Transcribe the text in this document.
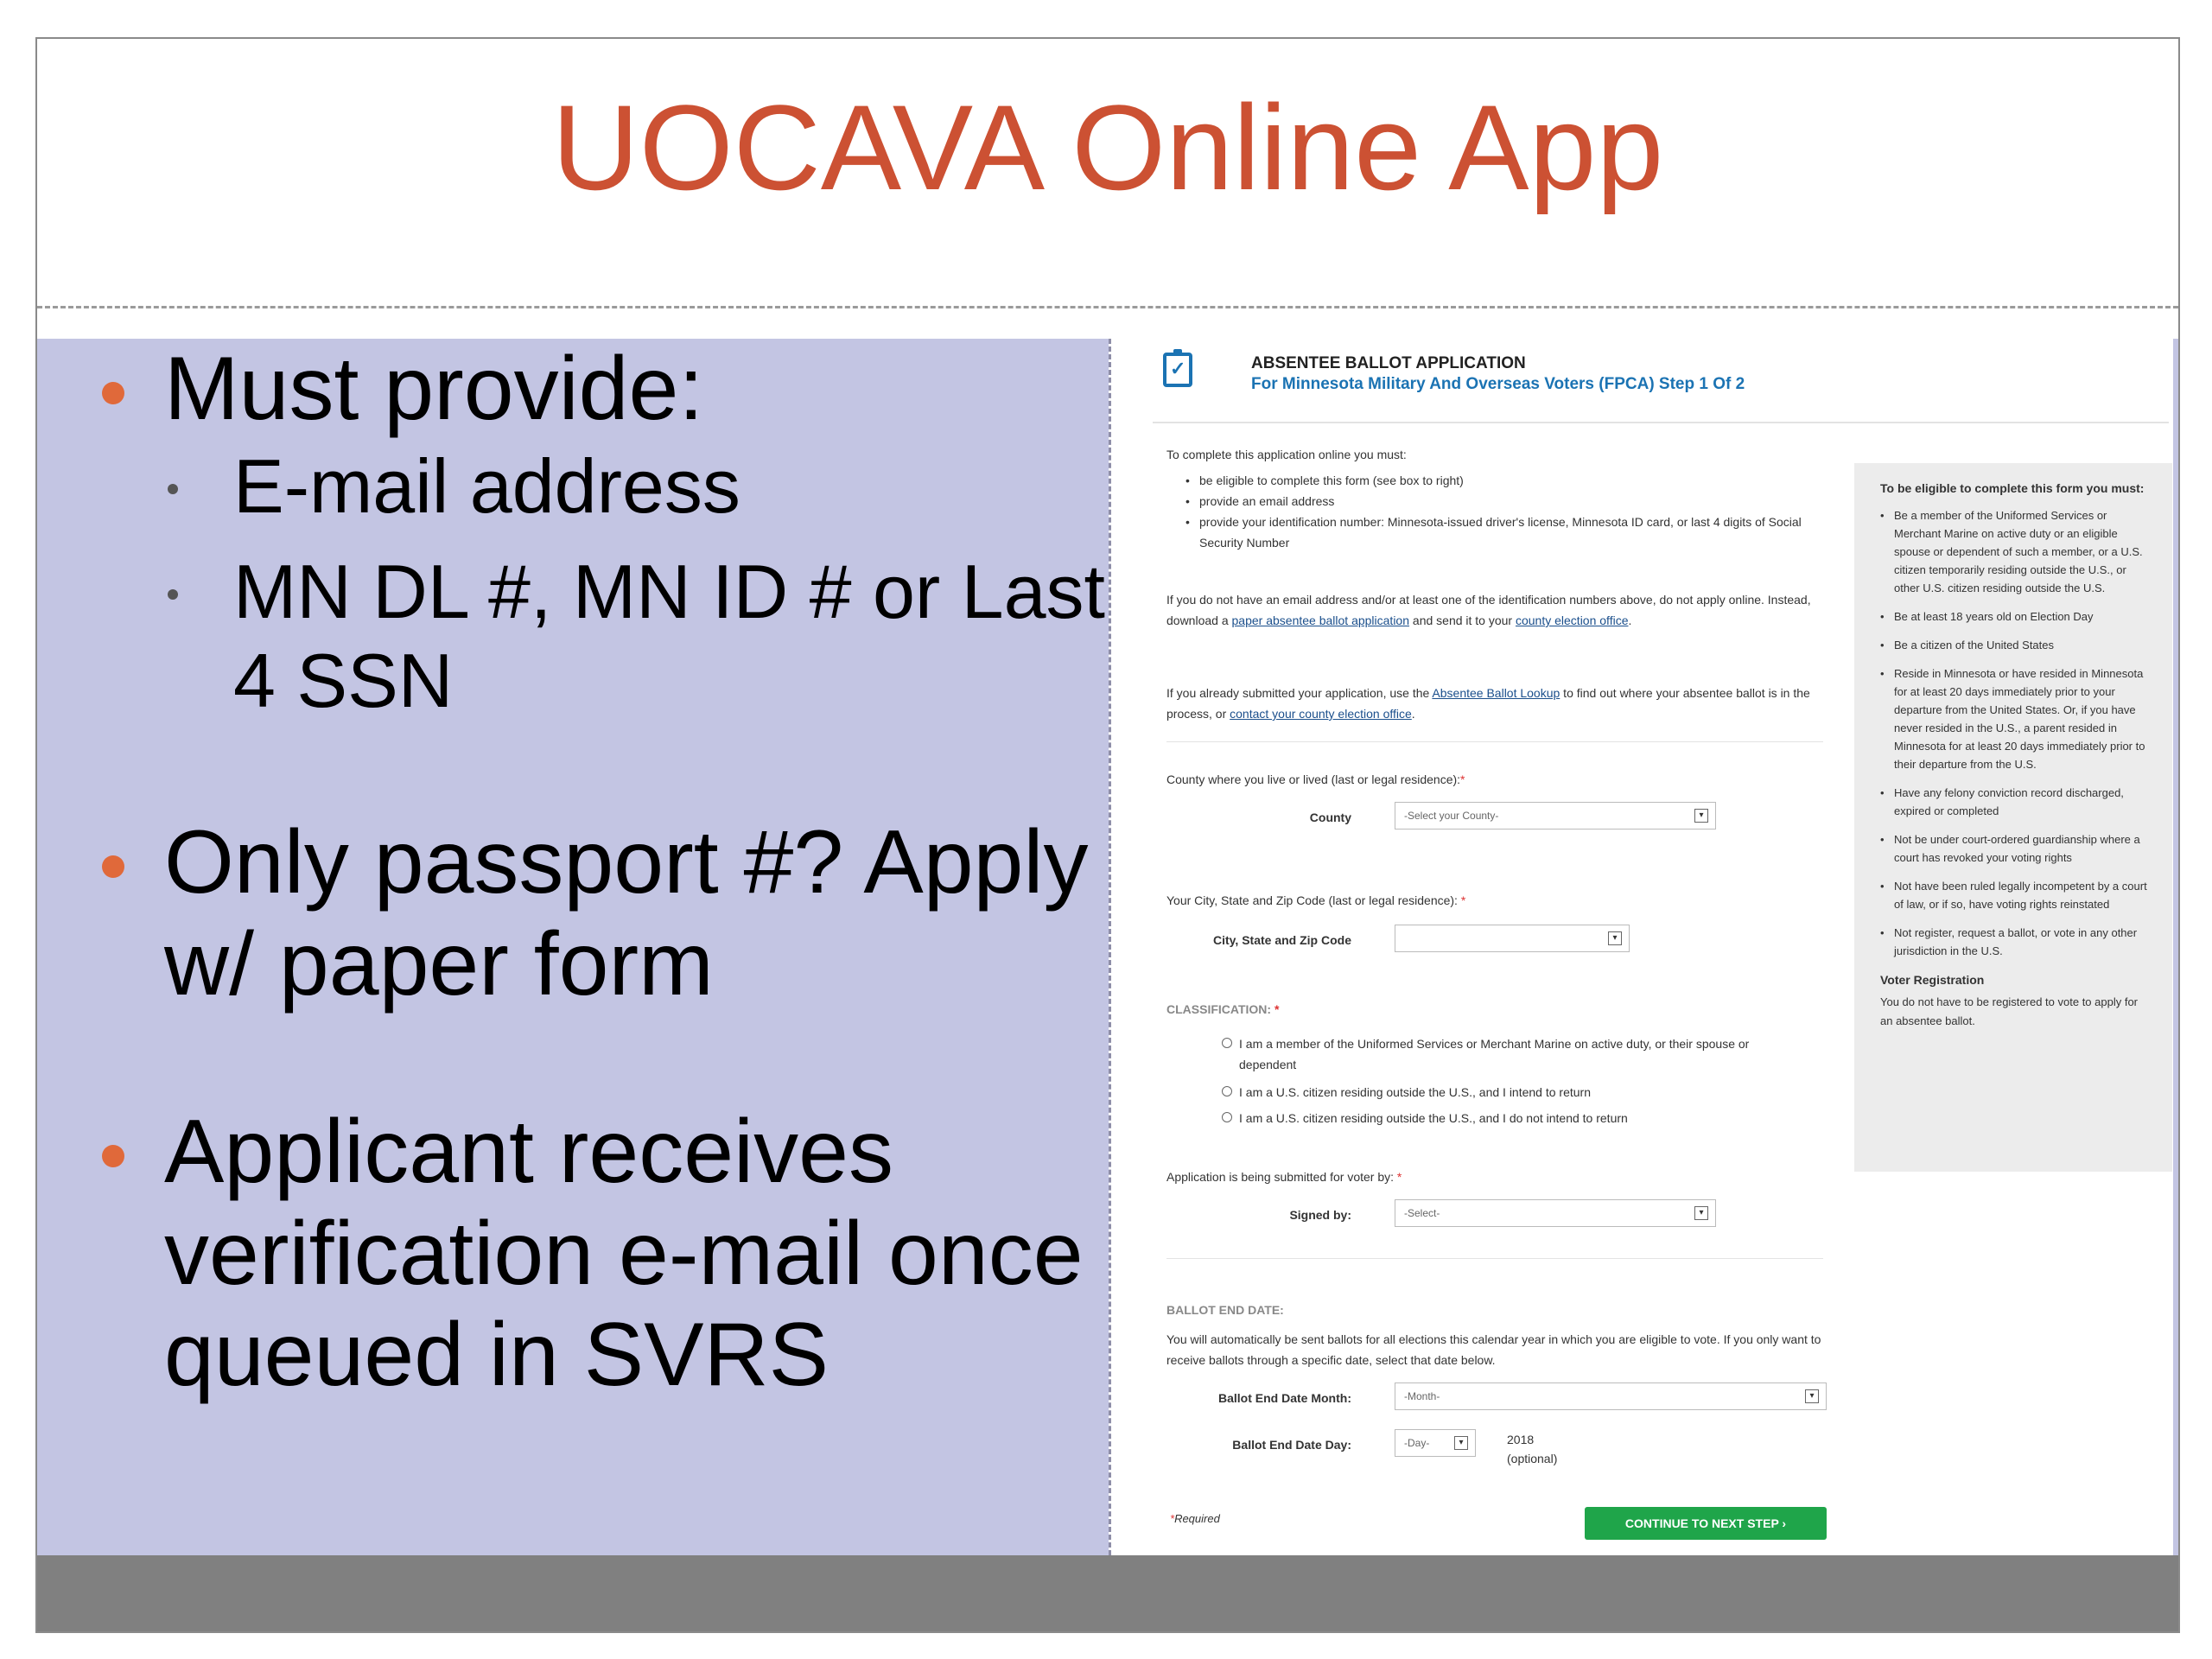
UOCAVA Online App
Must provide:
E-mail address
MN DL #, MN ID # or Last 4 SSN
Only passport #? Apply w/ paper form
Applicant receives verification e-mail once queued in SVRS
✓	ABSENTEE BALLOT APPLICATION
For Minnesota Military And Overseas Voters (FPCA) Step 1 Of 2
To complete this application online you must:
• be eligible to complete this form (see box to right)
• provide an email address
• provide your identification number: Minnesota-issued driver's license, Minnesota ID card, or last 4 digits of Social Security Number
If you do not have an email address and/or at least one of the identification numbers above, do not apply online. Instead, download a paper absentee ballot application and send it to your county election office.
If you already submitted your application, use the Absentee Ballot Lookup to find out where your absentee ballot is in the process, or contact your county election office.
County where you live or lived (last or legal residence):*
County	-Select your County-	▾
Your City, State and Zip Code (last or legal residence): *
City, State and Zip Code	▾
CLASSIFICATION: *
I am a member of the Uniformed Services or Merchant Marine on active duty, or their spouse or dependent
I am a U.S. citizen residing outside the U.S., and I intend to return
I am a U.S. citizen residing outside the U.S., and I do not intend to return
Application is being submitted for voter by: *
Signed by:	-Select-	▾
BALLOT END DATE:
You will automatically be sent ballots for all elections this calendar year in which you are eligible to vote. If you only want to receive ballots through a specific date, select that date below.
Ballot End Date Month:	-Month-	▾
Ballot End Date Day:	-Day-	▾	2018
(optional)
*Required	CONTINUE TO NEXT STEP ›
To be eligible to complete this form you must:
• Be a member of the Uniformed Services or Merchant Marine on active duty or an eligible spouse or dependent of such a member, or a U.S. citizen temporarily residing outside the U.S., or other U.S. citizen residing outside the U.S.
• Be at least 18 years old on Election Day
• Be a citizen of the United States
• Reside in Minnesota or have resided in Minnesota for at least 20 days immediately prior to your departure from the United States. Or, if you have never resided in the U.S., a parent resided in Minnesota for at least 20 days immediately prior to their departure from the U.S.
• Have any felony conviction record discharged, expired or completed
• Not be under court-ordered guardianship where a court has revoked your voting rights
• Not have been ruled legally incompetent by a court of law, or if so, have voting rights reinstated
• Not register, request a ballot, or vote in any other jurisdiction in the U.S.
Voter Registration
You do not have to be registered to vote to apply for an absentee ballot.
